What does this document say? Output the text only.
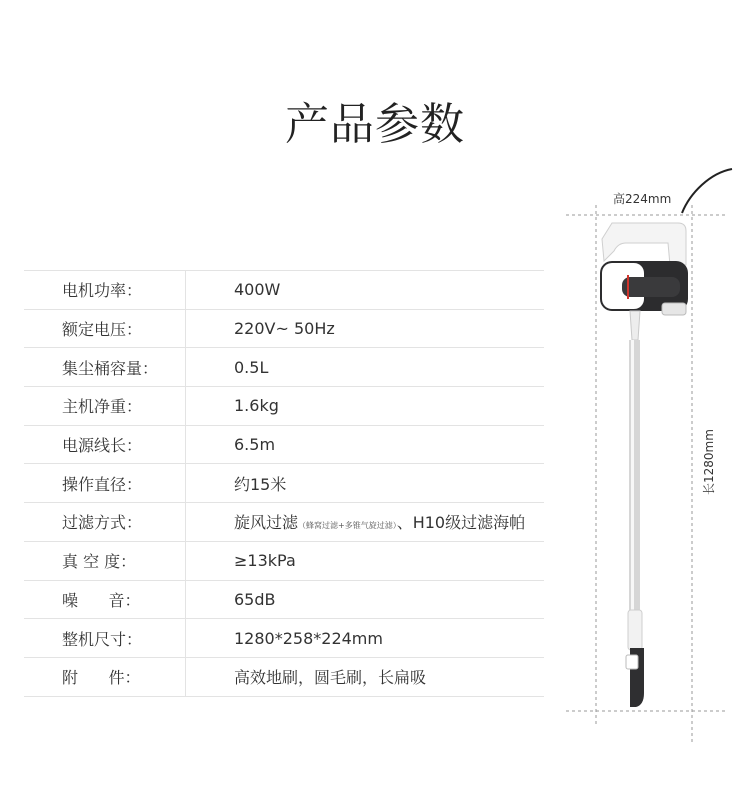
产品参数
电机功率：	400W
额定电压：	220V~ 50Hz
集尘桶容量：	0.5L
主机净重：	1.6kg
电源线长：	6.5m
操作直径：	约15米
过滤方式：	旋风过滤（蜂窝过滤+多锥气旋过滤）、H10级过滤海帕
真 空 度：	≥13kPa
噪      音：	65dB
整机尺寸：	1280*258*224mm
附      件：	高效地刷，圆毛刷，长扁吸
高224mm
长1280mm
